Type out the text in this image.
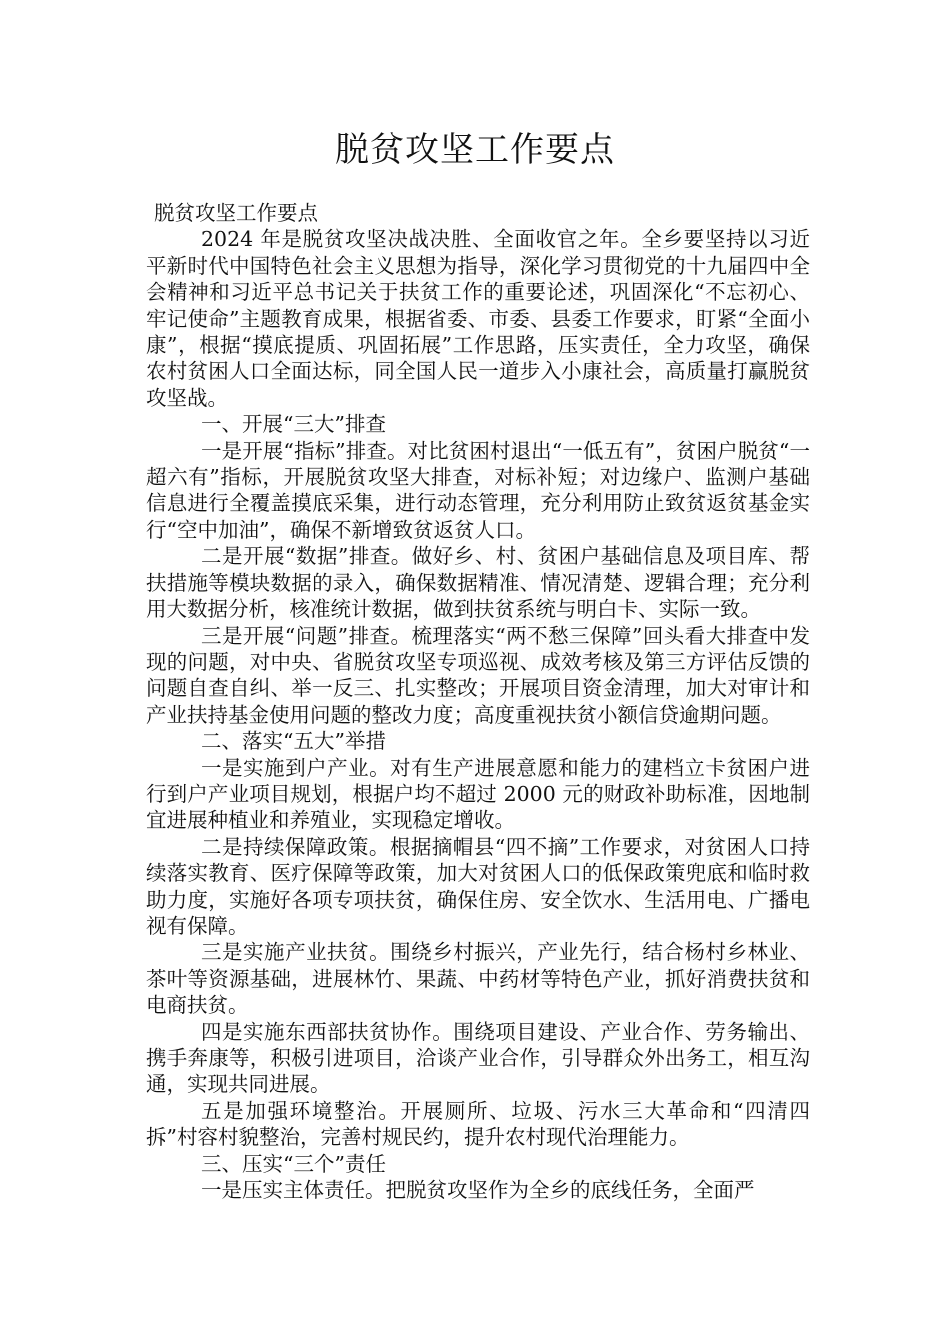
脱贫攻坚工作要点

脱贫攻坚工作要点

2024 年是脱贫攻坚决战决胜、全面收官之年。全乡要坚持以习近平新时代中国特色社会主义思想为指导，深化学习贯彻党的十九届四中全会精神和习近平总书记关于扶贫工作的重要论述，巩固深化“不忘初心、牢记使命”主题教育成果，根据省委、市委、县委工作要求，盯紧“全面小康”，根据“摸底提质、巩固拓展”工作思路，压实责任，全力攻坚，确保农村贫困人口全面达标，同全国人民一道步入小康社会，高质量打赢脱贫攻坚战。

一、开展“三大”排查

一是开展“指标”排查。对比贫困村退出“一低五有”，贫困户脱贫“一超六有”指标，开展脱贫攻坚大排查，对标补短；对边缘户、监测户基础信息进行全覆盖摸底采集，进行动态管理，充分利用防止致贫返贫基金实行“空中加油”，确保不新增致贫返贫人口。

二是开展“数据”排查。做好乡、村、贫困户基础信息及项目库、帮扶措施等模块数据的录入，确保数据精准、情况清楚、逻辑合理；充分利用大数据分析，核准统计数据，做到扶贫系统与明白卡、实际一致。

三是开展“问题”排查。梳理落实“两不愁三保障”回头看大排查中发现的问题，对中央、省脱贫攻坚专项巡视、成效考核及第三方评估反馈的问题自查自纠、举一反三、扎实整改；开展项目资金清理，加大对审计和产业扶持基金使用问题的整改力度；高度重视扶贫小额信贷逾期问题。

二、落实“五大”举措

一是实施到户产业。对有生产进展意愿和能力的建档立卡贫困户进行到户产业项目规划，根据户均不超过 2000 元的财政补助标准，因地制宜进展种植业和养殖业，实现稳定增收。

二是持续保障政策。根据摘帽县“四不摘”工作要求，对贫困人口持续落实教育、医疗保障等政策，加大对贫困人口的低保政策兜底和临时救助力度，实施好各项专项扶贫，确保住房、安全饮水、生活用电、广播电视有保障。

三是实施产业扶贫。围绕乡村振兴，产业先行，结合杨村乡林业、茶叶等资源基础，进展林竹、果蔬、中药材等特色产业，抓好消费扶贫和电商扶贫。

四是实施东西部扶贫协作。围绕项目建设、产业合作、劳务输出、携手奔康等，积极引进项目，洽谈产业合作，引导群众外出务工，相互沟通，实现共同进展。

五是加强环境整治。开展厕所、垃圾、污水三大革命和“四清四拆”村容村貌整治，完善村规民约，提升农村现代治理能力。

三、压实“三个”责任

一是压实主体责任。把脱贫攻坚作为全乡的底线任务，全面严
